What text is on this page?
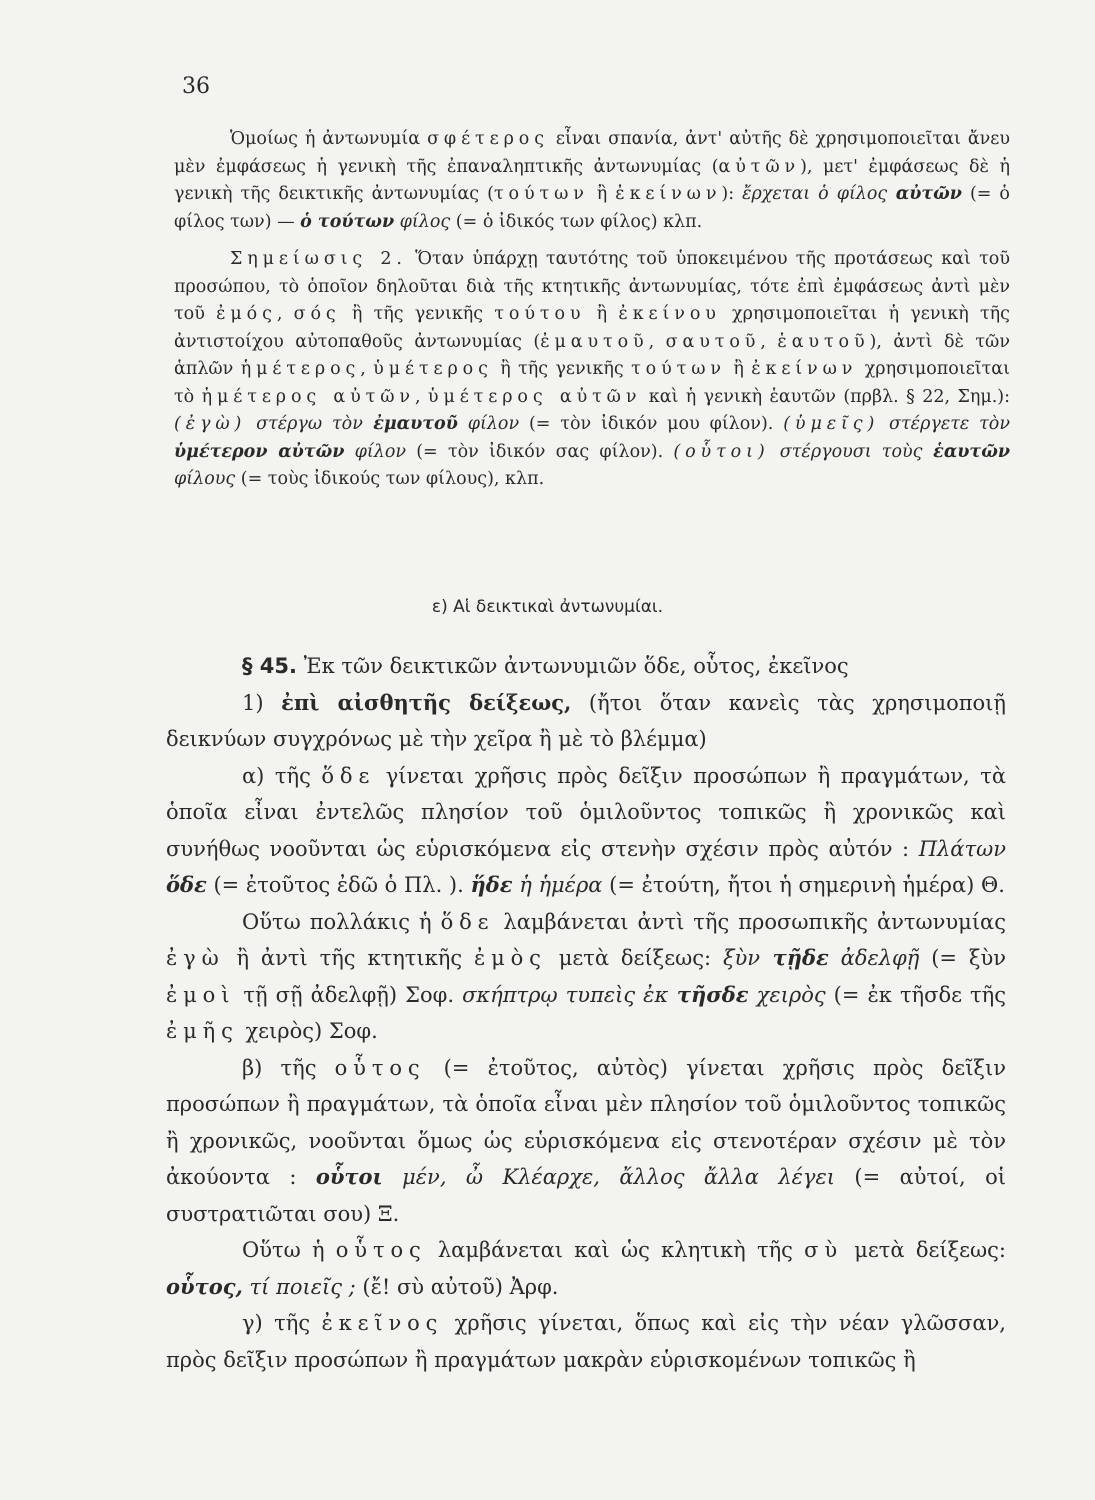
36

Ὁμοίως ἡ ἀντωνυμία σφέτερος εἶναι σπανία, ἀντ' αὐτῆς δὲ χρησιμοποιεῖται ἄνευ μὲν ἐμφάσεως ἡ γενικὴ τῆς ἐπαναληπτικῆς ἀντωνυμίας (αὐτῶν), μετ' ἐμφάσεως δὲ ἡ γενικὴ τῆς δεικτικῆς ἀντωνυμίας (τούτων ἢ ἐκείνων): ἔρχεται ὁ φίλος αὐτῶν (= ὁ φίλος των) — ὁ τούτων φίλος (= ὁ ἰδικός των φίλος) κλπ.

Σημείωσις 2. Ὅταν ὑπάρχῃ ταυτότης τοῦ ὑποκειμένου τῆς προτάσεως καὶ τοῦ προσώπου, τὸ ὁποῖον δηλοῦται διὰ τῆς κτητικῆς ἀντωνυμίας, τότε ἐπὶ ἐμφάσεως ἀντὶ μὲν τοῦ ἐμός, σός ἢ τῆς γενικῆς τούτου ἢ ἐκείνου χρησιμοποιεῖται ἡ γενικὴ τῆς ἀντιστοίχου αὐτοπαθοῦς ἀντωνυμίας (ἐμαυτοῦ, σαυτοῦ, ἑαυτοῦ), ἀντὶ δὲ τῶν ἁπλῶν ἡμέτερος, ὑμέτερος ἢ τῆς γενικῆς τούτων ἢ ἐκείνων χρησιμοποιεῖται τὸ ἡμέτερος αὐτῶν, ὑμέτερος αὐτῶν καὶ ἡ γενικὴ ἑαυτῶν (πρβλ. § 22, Σημ.): (ἐγὼ) στέργω τὸν ἐμαυτοῦ φίλον (= τὸν ἰδικόν μου φίλον). (ὑμεῖς) στέργετε τὸν ὑμέτερον αὐτῶν φίλον (= τὸν ἰδικόν σας φίλον). (οὗτοι) στέργουσι τοὺς ἑαυτῶν φίλους (= τοὺς ἰδικούς των φίλους), κλπ.

ε) Αἱ δεικτικαὶ ἀντωνυμίαι.

§ 45. Ἐκ τῶν δεικτικῶν ἀντωνυμιῶν ὅδε, οὗτος, ἐκεῖνος

1) ἐπὶ αἰσθητῆς δείξεως, (ἤτοι ὅταν κανεὶς τὰς χρησιμοποιῇ δεικνύων συγχρόνως μὲ τὴν χεῖρα ἢ μὲ τὸ βλέμμα)

α) τῆς ὅδε γίνεται χρῆσις πρὸς δεῖξιν προσώπων ἢ πραγμάτων, τὰ ὁποῖα εἶναι ἐντελῶς πλησίον τοῦ ὁμιλοῦντος τοπικῶς ἢ χρονικῶς καὶ συνήθως νοοῦνται ὡς εὑρισκόμενα εἰς στενὴν σχέσιν πρὸς αὐτόν : Πλάτων ὅδε (= ἐτοῦτος ἐδῶ ὁ Πλ. ). ἥδε ἡ ἡμέρα (= ἐτούτη, ἤτοι ἡ σημερινὴ ἡμέρα) Θ.

Οὕτω πολλάκις ἡ ὅδε λαμβάνεται ἀντὶ τῆς προσωπικῆς ἀντωνυμίας ἐγὼ ἢ ἀντὶ τῆς κτητικῆς ἐμὸς μετὰ δείξεως: ξὺν τῇδε ἀδελφῇ (= ξὺν ἐμοὶ τῇ σῇ ἀδελφῇ) Σοφ. σκήπτρῳ τυπεὶς ἐκ τῆσδε χειρὸς (= ἐκ τῆσδε τῆς ἐμῆς χειρὸς) Σοφ.

β) τῆς οὗτος (= ἐτοῦτος, αὐτὸς) γίνεται χρῆσις πρὸς δεῖξιν προσώπων ἢ πραγμάτων, τὰ ὁποῖα εἶναι μὲν πλησίον τοῦ ὁμιλοῦντος τοπικῶς ἢ χρονικῶς, νοοῦνται ὅμως ὡς εὑρισκόμενα εἰς στενοτέραν σχέσιν μὲ τὸν ἀκούοντα : οὗτοι μέν, ὦ Κλέαρχε, ἄλλος ἄλλα λέγει (= αὐτοί, οἱ συστρατιῶται σου) Ξ.

Οὕτω ἡ οὗτος λαμβάνεται καὶ ὡς κλητικὴ τῆς σὺ μετὰ δείξεως: οὗτος, τί ποιεῖς ; (ἔ! σὺ αὐτοῦ) Ἀρφ.

γ) τῆς ἐκεῖνος χρῆσις γίνεται, ὅπως καὶ εἰς τὴν νέαν γλῶσσαν, πρὸς δεῖξιν προσώπων ἢ πραγμάτων μακρὰν εὑρισκομένων τοπικῶς ἢ
